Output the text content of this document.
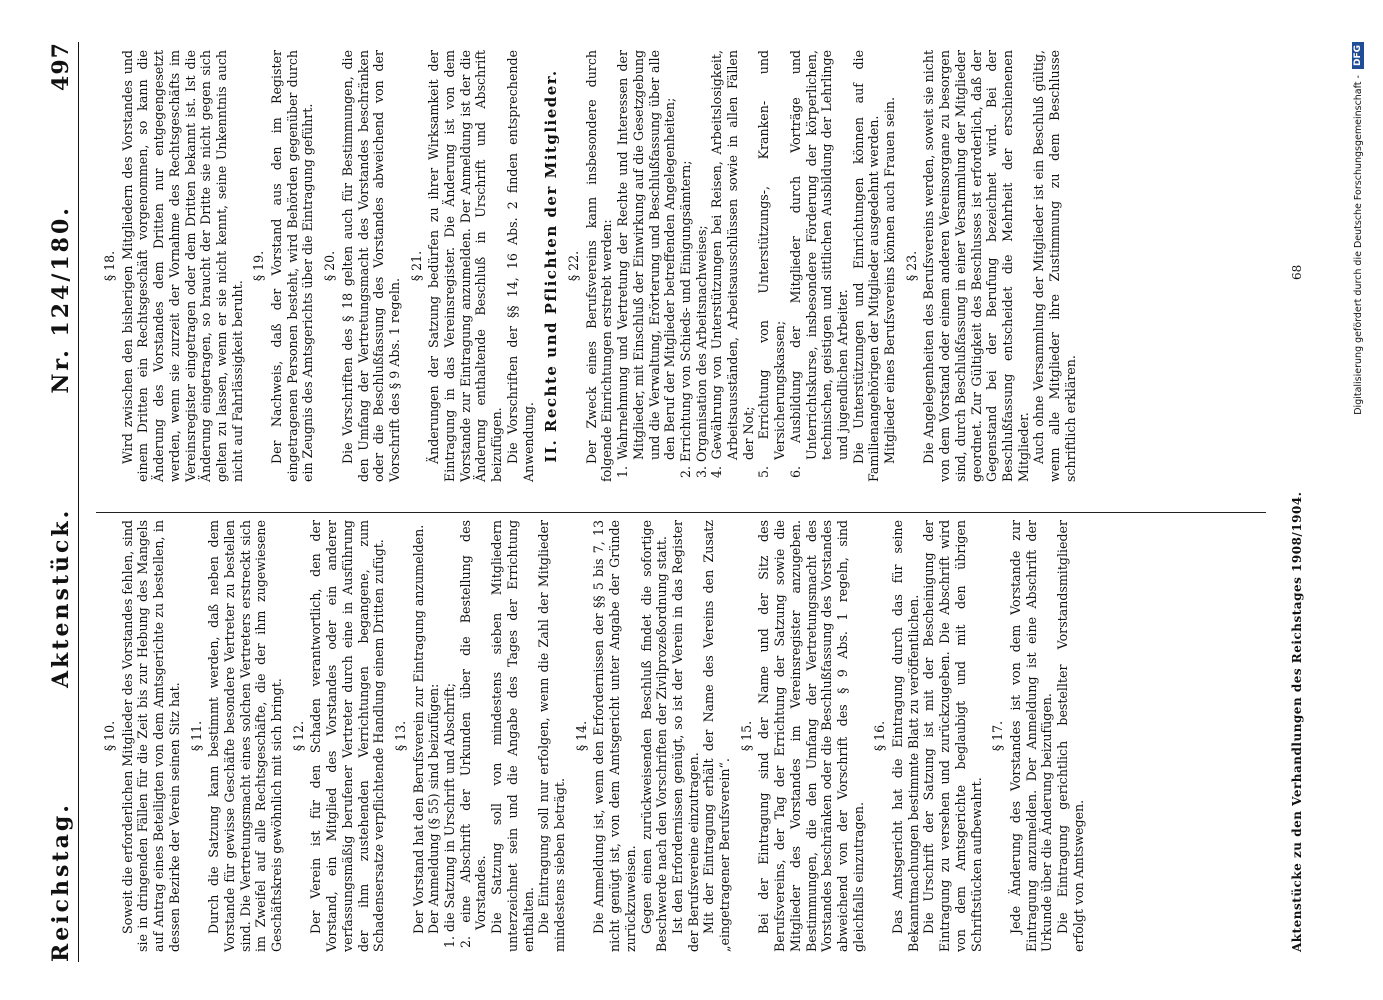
Reichstag.
Aktenstück.
Nr. 124/180.
497
§ 10. Soweit die erforderlichen Mitglieder des Vorstandes fehlen, sind sie in dringenden Fällen für die Zeit bis zur Hebung des Mangels auf Antrag eines Beteiligten von dem Amtsgerichte zu bestellen, in dessen Bezirke der Verein seinen Sitz hat. § 11. Durch die Satzung kann bestimmt werden, daß neben dem Vorstande für gewisse Geschäfte besondere Vertreter zu bestellen sind. Die Vertretungsmacht eines solchen Vertreters erstreckt sich im Zweifel auf alle Rechtsgeschäfte, die der ihm zugewiesene Geschäftskreis gewöhnlich mit sich bringt. § 12. Der Verein ist für den Schaden verantwortlich, den der Vorstand, ein Mitglied des Vorstandes oder ein anderer verfassungsmäßig berufener Vertreter durch eine in Ausführung der ihm zustehenden Verrichtungen begangene, zum Schadensersatze verpflichtende Handlung einem Dritten zufügt. § 13. Der Vorstand hat den Berufsverein zur Eintragung anzumelden. Der Anmeldung (§ 55) sind beizufügen: 1. die Satzung in Urschrift und Abschrift; 2. eine Abschrift der Urkunden über die Bestellung des Vorstandes. Die Satzung soll von mindestens sieben Mitgliedern unterzeichnet sein und die Angabe des Tages der Errichtung enthalten. Die Eintragung soll nur erfolgen, wenn die Zahl der Mitglieder mindestens sieben beträgt.
§ 14. Die Anmeldung ist, wenn den Erfordernissen der §§ 5 bis 7, 13 nicht genügt ist, von dem Amtsgericht unter Angabe der Gründe zurückzuweisen. Gegen einen zurückweisenden Beschluß findet die sofortige Beschwerde nach den Vorschriften der Zivilprozeßordnung statt. Ist den Erfordernissen genügt, so ist der Verein in das Register der Berufsvereine einzutragen. Mit der Eintragung erhält der Name des Vereins den Zusatz „eingetragener Berufsverein“.
§ 15. Bei der Eintragung sind der Name und der Sitz des Berufsvereins, der Tag der Errichtung der Satzung sowie die Mitglieder des Vorstandes im Vereinsregister anzugeben. Bestimmungen, die den Umfang der Vertretungsmacht des Vorstandes beschränken oder die Beschlußfassung des Vorstandes abweichend von der Vorschrift des § 9 Abs. 1 regeln, sind gleichfalls einzutragen.
§ 16. Das Amtsgericht hat die Eintragung durch das für seine Bekanntmachungen bestimmte Blatt zu veröffentlichen. Die Urschrift der Satzung ist mit der Bescheinigung der Eintragung zu versehen und zurückzugeben. Die Abschrift wird von dem Amtsgerichte beglaubigt und mit den übrigen Schriftstücken aufbewahrt.
§ 17. Jede Änderung des Vorstandes ist von dem Vorstande zur Eintragung anzumelden. Der Anmeldung ist eine Abschrift der Urkunde über die Änderung beizufügen. Die Eintragung gerichtlich bestellter Vorstandsmitglieder erfolgt von Amtswegen.
§ 18. Wird zwischen den bisherigen Mitgliedern des Vorstandes und einem Dritten ein Rechtsgeschäft vorgenommen, so kann die Änderung des Vorstandes dem Dritten nur entgegengesetzt werden, wenn sie zurzeit der Vornahme des Rechtsgeschäfts im Vereinsregister eingetragen oder dem Dritten bekannt ist. Ist die Änderung eingetragen, so braucht der Dritte sie nicht gegen sich gelten zu lassen, wenn er sie nicht kennt, seine Unkenntnis auch nicht auf Fahrlässigkeit beruht.
§ 19. Der Nachweis, daß der Vorstand aus den im Register eingetragenen Personen besteht, wird Behörden gegenüber durch ein Zeugnis des Amtsgerichts über die Eintragung geführt. § 20. Die Vorschriften des § 18 gelten auch für Bestimmungen, die den Umfang der Vertretungsmacht des Vorstandes beschränken oder die Beschlußfassung des Vorstandes abweichend von der Vorschrift des § 9 Abs. 1 regeln.
§ 21. Änderungen der Satzung bedürfen zu ihrer Wirksamkeit der Eintragung in das Vereinsregister. Die Änderung ist von dem Vorstande zur Eintragung anzumelden. Der Anmeldung ist der die Änderung enthaltende Beschluß in Urschrift und Abschrift beizufügen. Die Vorschriften der §§ 14, 16 Abs. 2 finden entsprechende Anwendung. II. Rechte und Pflichten der Mitglieder. § 22. Der Zweck eines Berufsvereins kann insbesondere durch folgende Einrichtungen erstrebt werden: 1. Wahrnehmung und Vertretung der Rechte und Interessen der Mitglieder, mit Einschluß der Einwirkung auf die Gesetzgebung und die Verwaltung, Erörterung und Beschlußfassung über alle den Beruf der Mitglieder betreffenden Angelegenheiten; 2. Errichtung von Schieds- und Einigungsämtern; 3. Organisation des Arbeitsnachweises; 4. Gewährung von Unterstützungen bei Reisen, Arbeitslosigkeit, Arbeitsausständen, Arbeitsausschlüssen sowie in allen Fällen der Not; 5. Errichtung von Unterstützungs-, Kranken- und Versicherungskassen; 6. Ausbildung der Mitglieder durch Vorträge und Unterrichtskurse, insbesondere Förderung der körperlichen, technischen, geistigen und sittlichen Ausbildung der Lehrlinge und jugendlichen Arbeiter. Die Unterstützungen und Einrichtungen können auf die Familienangehörigen der Mitglieder ausgedehnt werden. Mitglieder eines Berufsvereins können auch Frauen sein. § 23. Die Angelegenheiten des Berufsvereins werden, soweit sie nicht von dem Vorstand oder einem anderen Vereinsorgane zu besorgen sind, durch Beschlußfassung in einer Versammlung der Mitglieder geordnet. Zur Gültigkeit des Beschlusses ist erforderlich, daß der Gegenstand bei der Berufung bezeichnet wird. Bei der Beschlußfassung entscheidet die Mehrheit der erschienenen Mitglieder. Auch ohne Versammlung der Mitglieder ist ein Beschluß gültig, wenn alle Mitglieder ihre Zustimmung zu dem Beschlusse schriftlich erklären.
Aktenstücke zu den Verhandlungen des Reichstages 1908/1904.
68	Digitalisierung gefördert durch die Deutsche Forschungsgemeinschaft -
DFG
